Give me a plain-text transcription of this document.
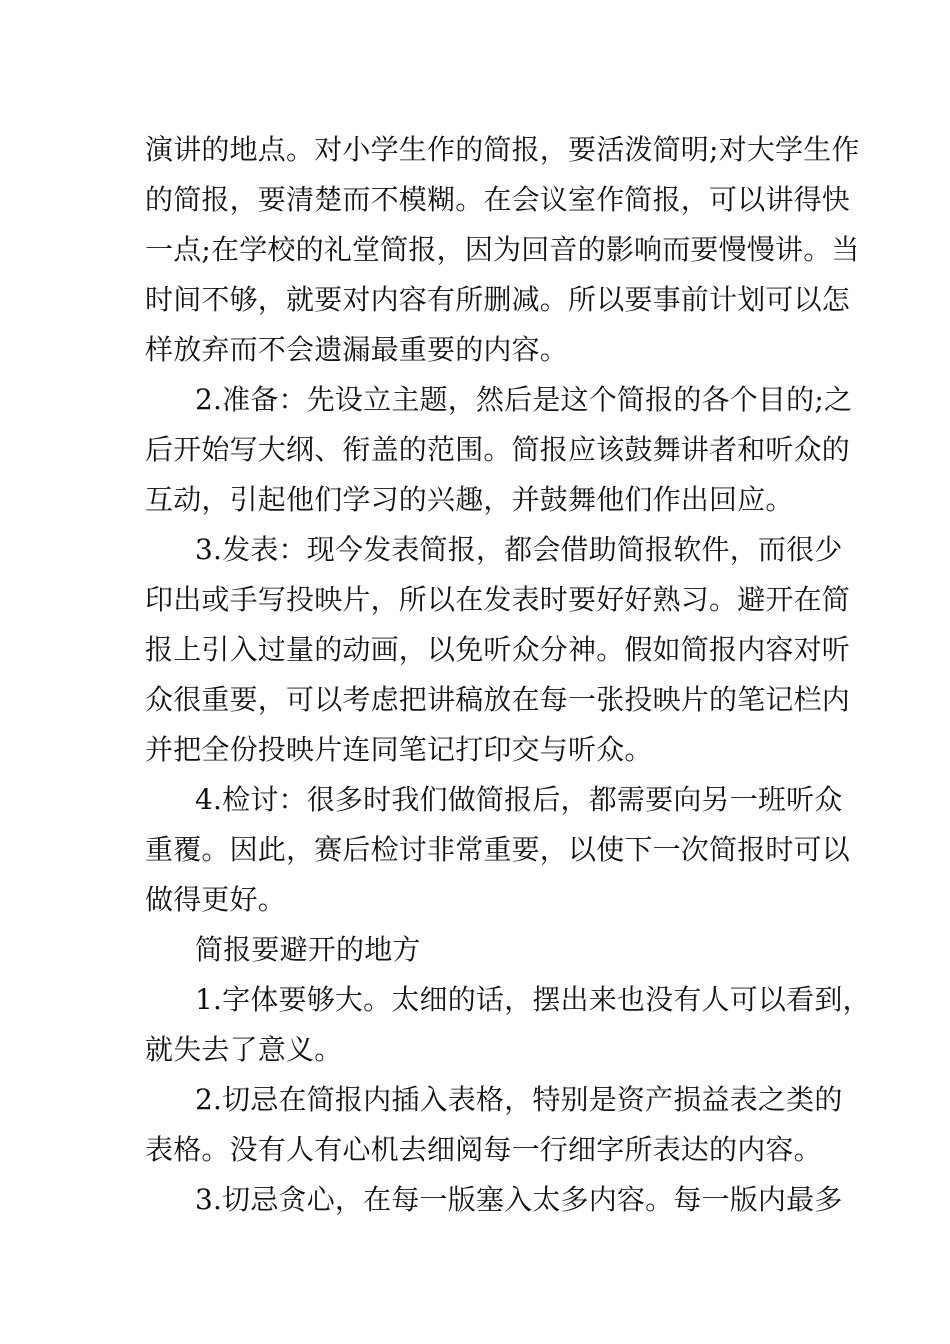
演讲的地点。对小学生作的简报，要活泼简明;对大学生作
的简报，要清楚而不模糊。在会议室作简报，可以讲得快
一点;在学校的礼堂简报，因为回音的影响而要慢慢讲。当
时间不够，就要对内容有所删减。所以要事前计划可以怎
样放弃而不会遗漏最重要的内容。
2.准备：先设立主题，然后是这个简报的各个目的;之
后开始写大纲、衔盖的范围。简报应该鼓舞讲者和听众的
互动，引起他们学习的兴趣，并鼓舞他们作出回应。
3.发表：现今发表简报，都会借助简报软件，而很少
印出或手写投映片，所以在发表时要好好熟习。避开在简
报上引入过量的动画，以免听众分神。假如简报内容对听
众很重要，可以考虑把讲稿放在每一张投映片的笔记栏内
并把全份投映片连同笔记打印交与听众。
4.检讨：很多时我们做简报后，都需要向另一班听众
重覆。因此，赛后检讨非常重要，以使下一次简报时可以
做得更好。
简报要避开的地方
1.字体要够大。太细的话，摆出来也没有人可以看到，
就失去了意义。
2.切忌在简报内插入表格，特别是资产损益表之类的
表格。没有人有心机去细阅每一行细字所表达的内容。
3.切忌贪心，在每一版塞入太多内容。每一版内最多
